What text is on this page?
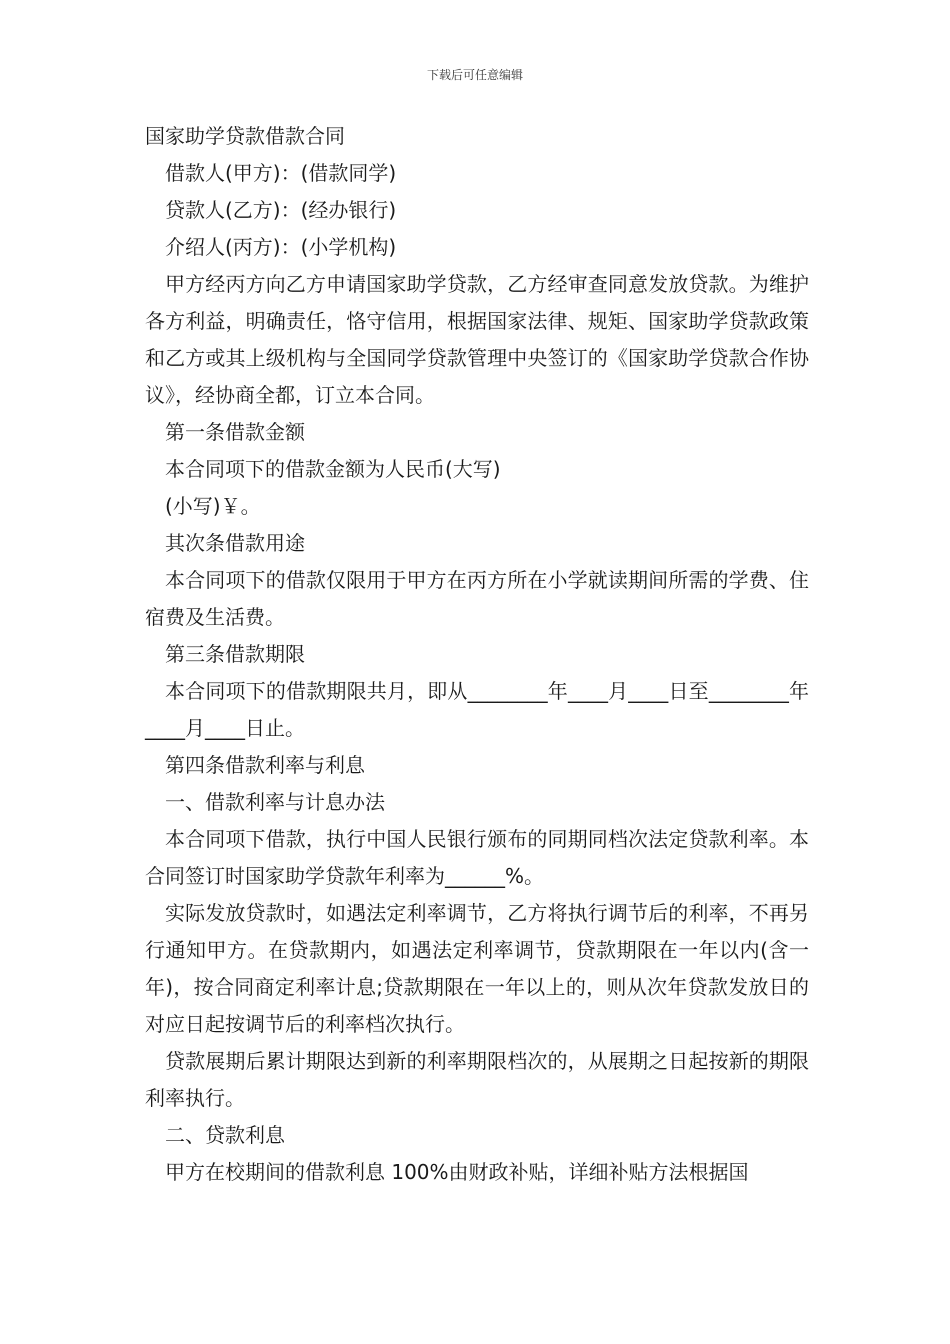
下载后可任意编辑

国家助学贷款借款合同

借款人(甲方)：(借款同学)

贷款人(乙方)：(经办银行)

介绍人(丙方)：(小学机构)

甲方经丙方向乙方申请国家助学贷款，乙方经审查同意发放贷款。为维护各方利益，明确责任，恪守信用，根据国家法律、规矩、国家助学贷款政策和乙方或其上级机构与全国同学贷款管理中央签订的《国家助学贷款合作协议》，经协商全都，订立本合同。

第一条借款金额

本合同项下的借款金额为人民币(大写)

(小写)￥。

其次条借款用途

本合同项下的借款仅限用于甲方在丙方所在小学就读期间所需的学费、住宿费及生活费。

第三条借款期限

本合同项下的借款期限共月，即从________年____月____日至________年____月____日止。

第四条借款利率与利息

一、借款利率与计息办法

本合同项下借款，执行中国人民银行颁布的同期同档次法定贷款利率。本合同签订时国家助学贷款年利率为______%。

实际发放贷款时，如遇法定利率调节，乙方将执行调节后的利率，不再另行通知甲方。在贷款期内，如遇法定利率调节，贷款期限在一年以内(含一年)，按合同商定利率计息;贷款期限在一年以上的，则从次年贷款发放日的对应日起按调节后的利率档次执行。

贷款展期后累计期限达到新的利率期限档次的，从展期之日起按新的期限利率执行。

二、贷款利息

甲方在校期间的借款利息 100%由财政补贴，详细补贴方法根据国
